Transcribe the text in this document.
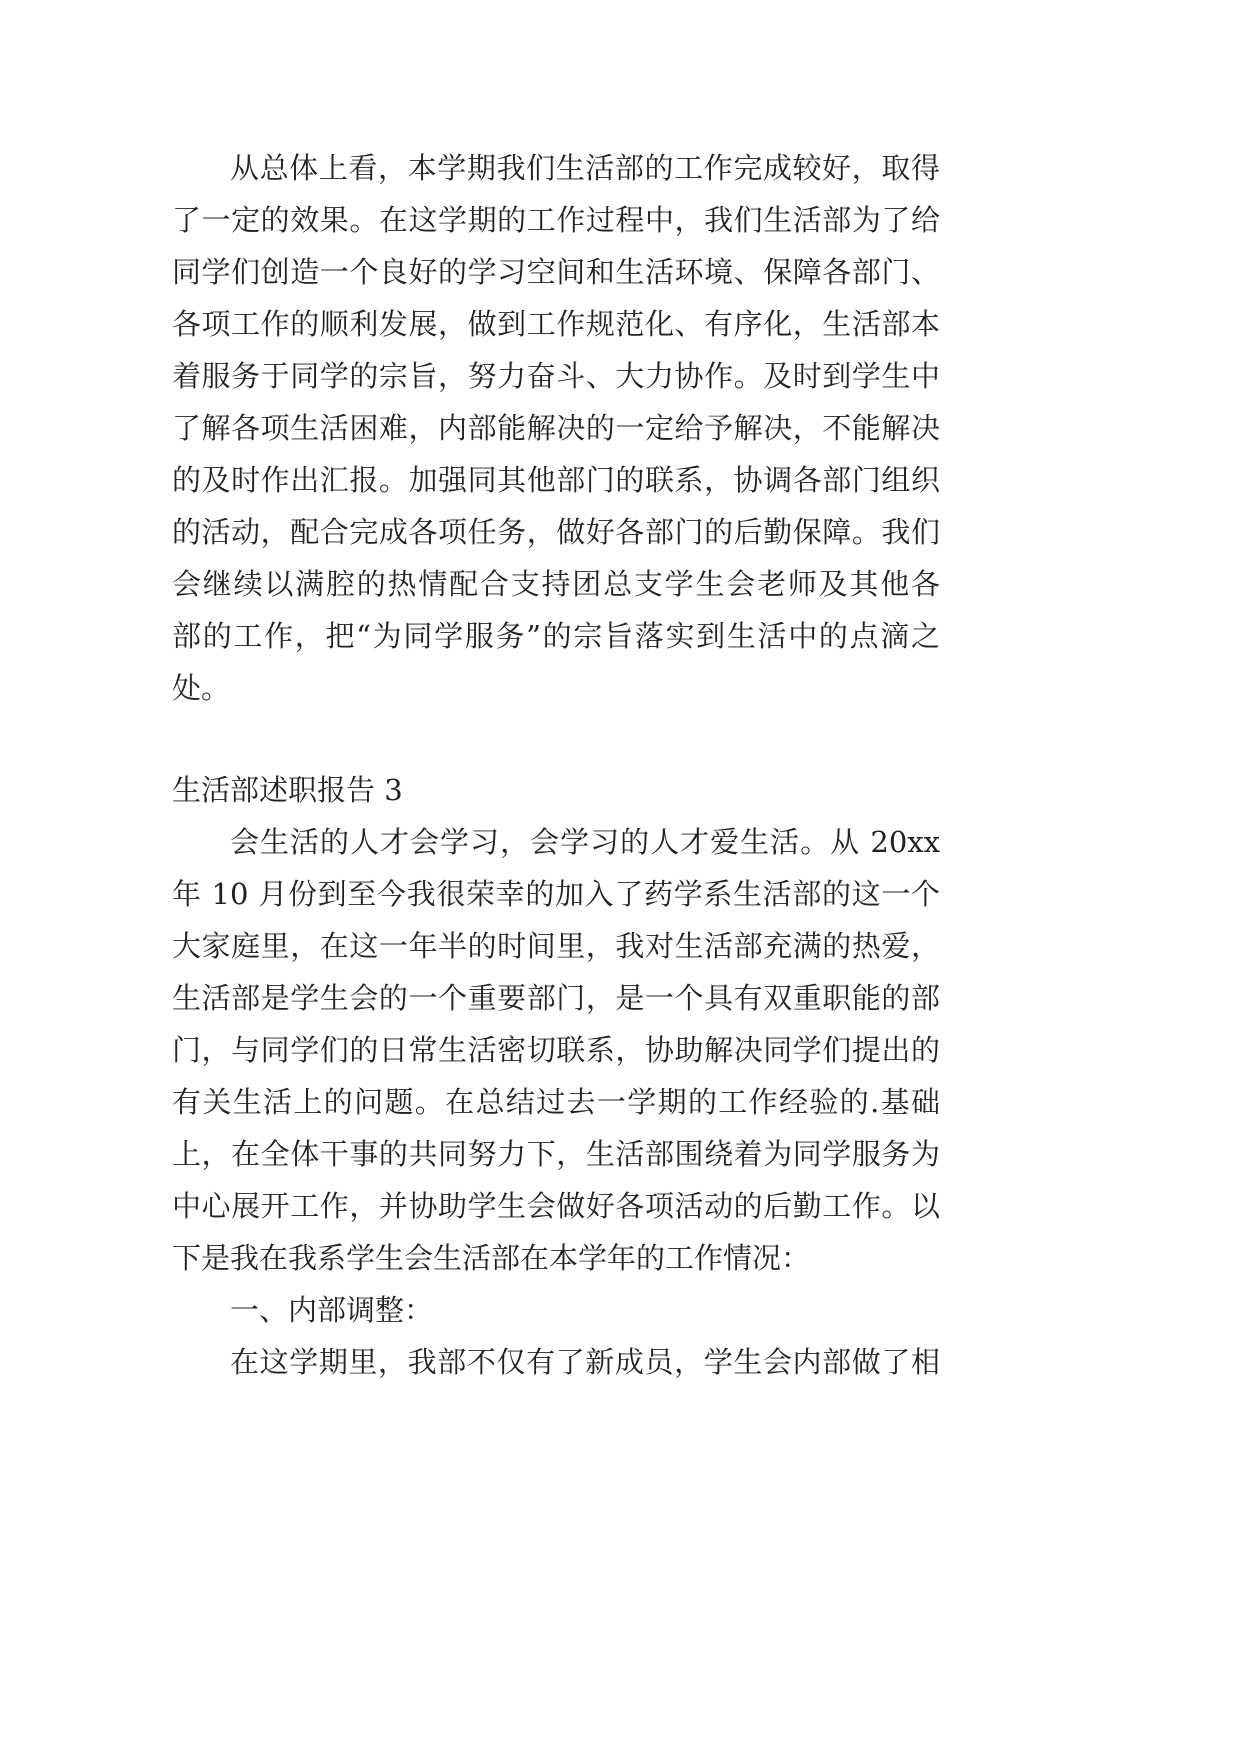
从总体上看，本学期我们生活部的工作完成较好，取得
了一定的效果。在这学期的工作过程中，我们生活部为了给
同学们创造一个良好的学习空间和生活环境、保障各部门、
各项工作的顺利发展，做到工作规范化、有序化，生活部本
着服务于同学的宗旨，努力奋斗、大力协作。及时到学生中
了解各项生活困难，内部能解决的一定给予解决，不能解决
的及时作出汇报。加强同其他部门的联系，协调各部门组织
的活动，配合完成各项任务，做好各部门的后勤保障。我们
会继续以满腔的热情配合支持团总支学生会老师及其他各
部的工作，把“为同学服务”的宗旨落实到生活中的点滴之
处。
生活部述职报告 3
会生活的人才会学习，会学习的人才爱生活。从 20xx
年 10 月份到至今我很荣幸的加入了药学系生活部的这一个
大家庭里，在这一年半的时间里，我对生活部充满的热爱，
生活部是学生会的一个重要部门，是一个具有双重职能的部
门，与同学们的日常生活密切联系，协助解决同学们提出的
有关生活上的问题。在总结过去一学期的工作经验的.基础
上，在全体干事的共同努力下，生活部围绕着为同学服务为
中心展开工作，并协助学生会做好各项活动的后勤工作。以
下是我在我系学生会生活部在本学年的工作情况：
一、内部调整：
在这学期里，我部不仅有了新成员，学生会内部做了相
